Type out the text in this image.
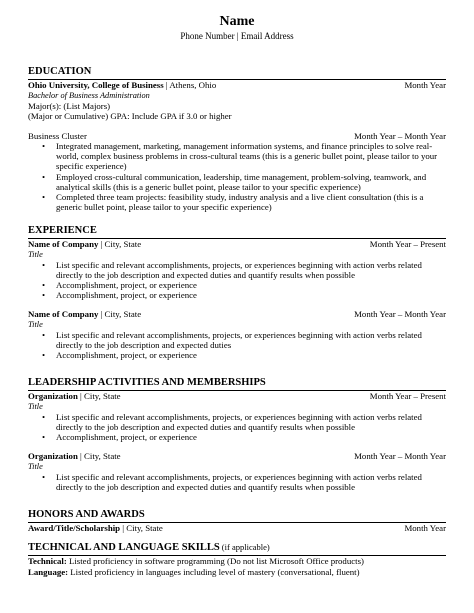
Name
Phone Number | Email Address
EDUCATION
Ohio University, College of Business | Athens, Ohio	Month Year
Bachelor of Business Administration
Major(s): (List Majors)
(Major or Cumulative) GPA: Include GPA if 3.0 or higher
Business Cluster	Month Year – Month Year
• Integrated management, marketing, management information systems, and finance principles to solve real-world, complex business problems in cross-cultural teams (this is a generic bullet point, please tailor to your specific experience)
• Employed cross-cultural communication, leadership, time management, problem-solving, teamwork, and analytical skills (this is a generic bullet point, please tailor to your specific experience)
• Completed three team projects: feasibility study, industry analysis and a live client consultation (this is a generic bullet point, please tailor to your specific experience)
EXPERIENCE
Name of Company | City, State	Month Year – Present
Title
• List specific and relevant accomplishments, projects, or experiences beginning with action verbs related directly to the job description and expected duties and quantify results when possible
• Accomplishment, project, or experience
• Accomplishment, project, or experience
Name of Company | City, State	Month Year – Month Year
Title
• List specific and relevant accomplishments, projects, or experiences beginning with action verbs related directly to the job description and expected duties
• Accomplishment, project, or experience
LEADERSHIP ACTIVITIES AND MEMBERSHIPS
Organization | City, State	Month Year – Present
Title
• List specific and relevant accomplishments, projects, or experiences beginning with action verbs related directly to the job description and expected duties and quantify results when possible
• Accomplishment, project, or experience
Organization | City, State	Month Year – Month Year
Title
• List specific and relevant accomplishments, projects, or experiences beginning with action verbs related directly to the job description and expected duties and quantify results when possible
HONORS AND AWARDS
Award/Title/Scholarship | City, State	Month Year
TECHNICAL AND LANGUAGE SKILLS (if applicable)
Technical: Listed proficiency in software programming (Do not list Microsoft Office products)
Language: Listed proficiency in languages including level of mastery (conversational, fluent)
